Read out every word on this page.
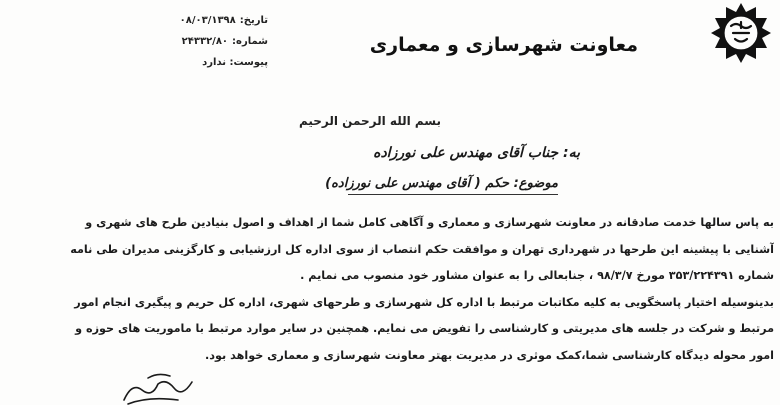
معاونت شهرسازی و معماری
تاریخ:
۰۸/۰۳/۱۳۹۸
شماره:
۲۴۳۳۲/۸۰
پیوست: ندارد
بسم الله الرحمن الرحیم
به: جناب آقای مهندس علی نورزاده
موضوع: حکم ( آقای مهندس علی نورزاده)
به پاس سالها خدمت صادقانه در معاونت شهرسازی و معماری و آگاهی کامل شما از اهداف و اصول بنیادین طرح های شهری و
آشنایی با پیشینه این طرحها در شهرداری تهران و موافقت حکم انتصاب از سوی اداره کل ارزشیابی و کارگزینی مدیران طی نامه
شماره ۳۵۳/۲۲۴۳۹۱ مورخ ۹۸/۳/۷ ، جنابعالی را به عنوان مشاور خود منصوب می نمایم .
بدینوسیله اختیار پاسخگویی به کلیه مکاتبات مرتبط با اداره کل شهرسازی و طرحهای شهری، اداره کل حریم و پیگیری انجام امور
مرتبط و شرکت در جلسه های مدیریتی و کارشناسی را تفویض می نمایم. همچنین در سایر موارد مرتبط با ماموریت های حوزه و
امور محوله دیدگاه کارشناسی شما،کمک موثری در مدیریت بهتر معاونت شهرسازی و معماری خواهد بود.
